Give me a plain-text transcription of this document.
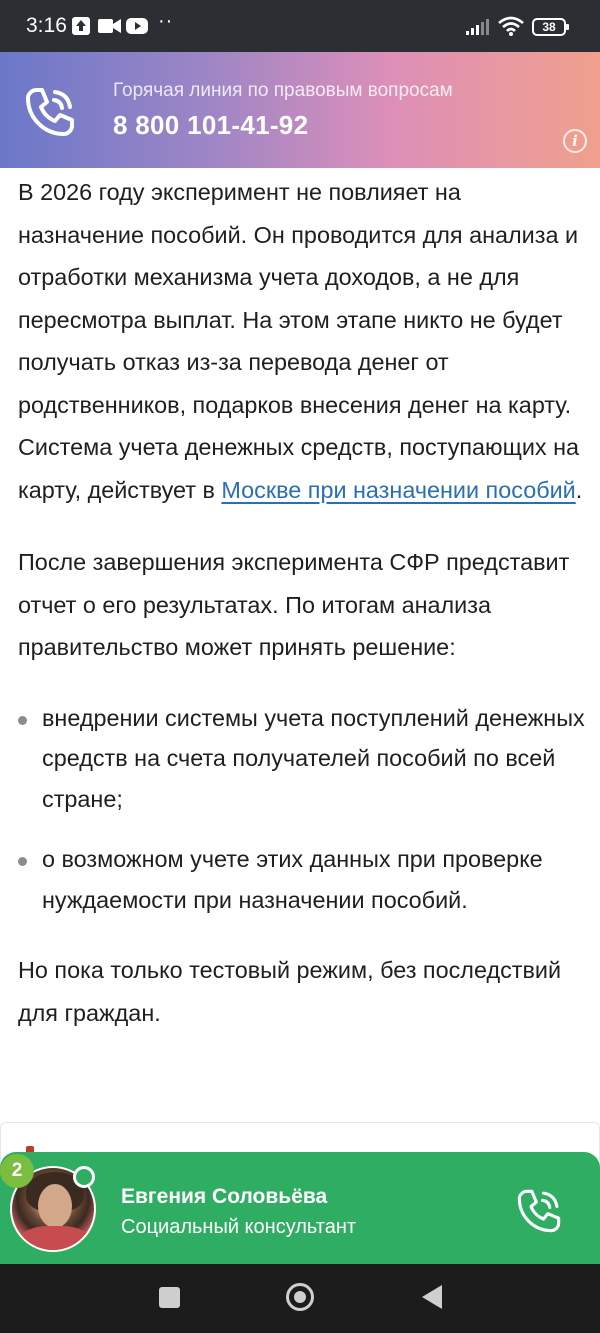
3:16	··	38
Горячая линия по правовым вопросам
8 800 101-41-92
i

В 2026 году эксперимент не повлияет на назначение пособий. Он проводится для анализа и отработки механизма учета доходов, а не для пересмотра выплат. На этом этапе никто не будет получать отказ из-за перевода денег от родственников, подарков внесения денег на карту. Система учета денежных средств, поступающих на карту, действует в Москве при назначении пособий.

После завершения эксперимента СФР представит отчет о его результатах. По итогам анализа правительство может принять решение:

внедрении системы учета поступлений денежных средств на счета получателей пособий по всей стране;
о возможном учете этих данных при проверке нуждаемости при назначении пособий.

Но пока только тестовый режим, без последствий для граждан.

2
Евгения Соловьёва
Социальный консультант
